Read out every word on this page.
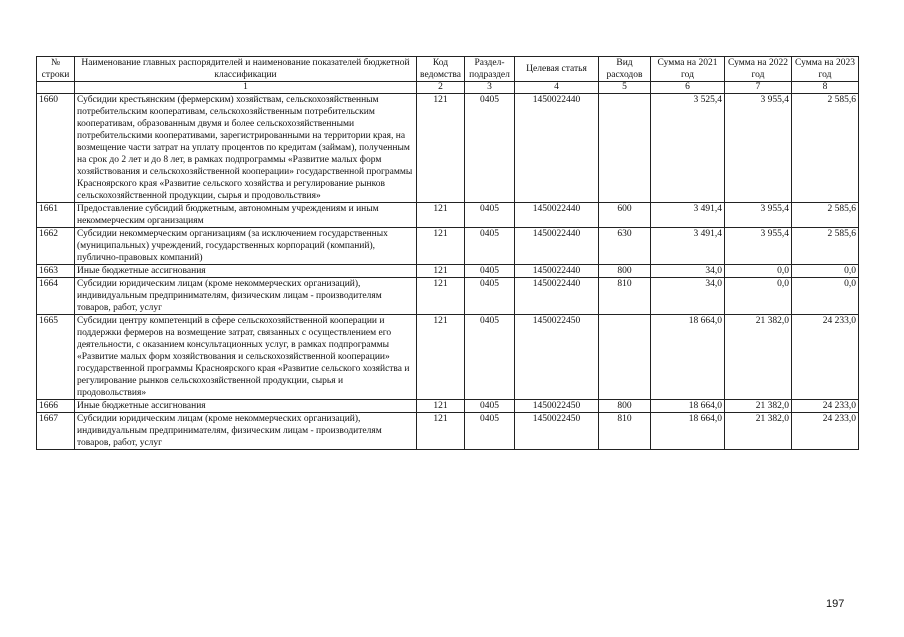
№ строки	Наименование главных распорядителей и наименование показателей бюджетной классификации	Код ведомства	Раздел-подраздел	Целевая статья	Вид расходов	Сумма на 2021 год	Сумма на 2022 год	Сумма на 2023 год
	1	2	3	4	5	6	7	8
1660	Субсидии крестьянским (фермерским) хозяйствам, сельскохозяйственным потребительским кооперативам, сельскохозяйственным потребительским кооперативам, образованным двумя и более сельскохозяйственными потребительскими кооперативами, зарегистрированными на территории края, на возмещение части затрат на уплату процентов по кредитам (займам), полученным на срок до 2 лет и до 8 лет, в рамках подпрограммы «Развитие малых форм хозяйствования и сельскохозяйственной кооперации» государственной программы Красноярского края «Развитие сельского хозяйства и регулирование рынков сельскохозяйственной продукции, сырья и продовольствия»	121	0405	1450022440		3 525,4	3 955,4	2 585,6
1661	Предоставление субсидий бюджетным, автономным учреждениям и иным некоммерческим организациям	121	0405	1450022440	600	3 491,4	3 955,4	2 585,6
1662	Субсидии некоммерческим организациям (за исключением государственных (муниципальных) учреждений, государственных корпораций (компаний), публично-правовых компаний)	121	0405	1450022440	630	3 491,4	3 955,4	2 585,6
1663	Иные бюджетные ассигнования	121	0405	1450022440	800	34,0	0,0	0,0
1664	Субсидии юридическим лицам (кроме некоммерческих организаций), индивидуальным предпринимателям, физическим лицам - производителям товаров, работ, услуг	121	0405	1450022440	810	34,0	0,0	0,0
1665	Субсидии центру компетенций в сфере сельскохозяйственной кооперации и поддержки фермеров на возмещение затрат, связанных с осуществлением его деятельности, с оказанием консультационных услуг, в рамках подпрограммы «Развитие малых форм хозяйствования и сельскохозяйственной кооперации» государственной программы Красноярского края «Развитие сельского хозяйства и регулирование рынков сельскохозяйственной продукции, сырья и продовольствия»	121	0405	1450022450		18 664,0	21 382,0	24 233,0
1666	Иные бюджетные ассигнования	121	0405	1450022450	800	18 664,0	21 382,0	24 233,0
1667	Субсидии юридическим лицам (кроме некоммерческих организаций), индивидуальным предпринимателям, физическим лицам - производителям товаров, работ, услуг	121	0405	1450022450	810	18 664,0	21 382,0	24 233,0
197
